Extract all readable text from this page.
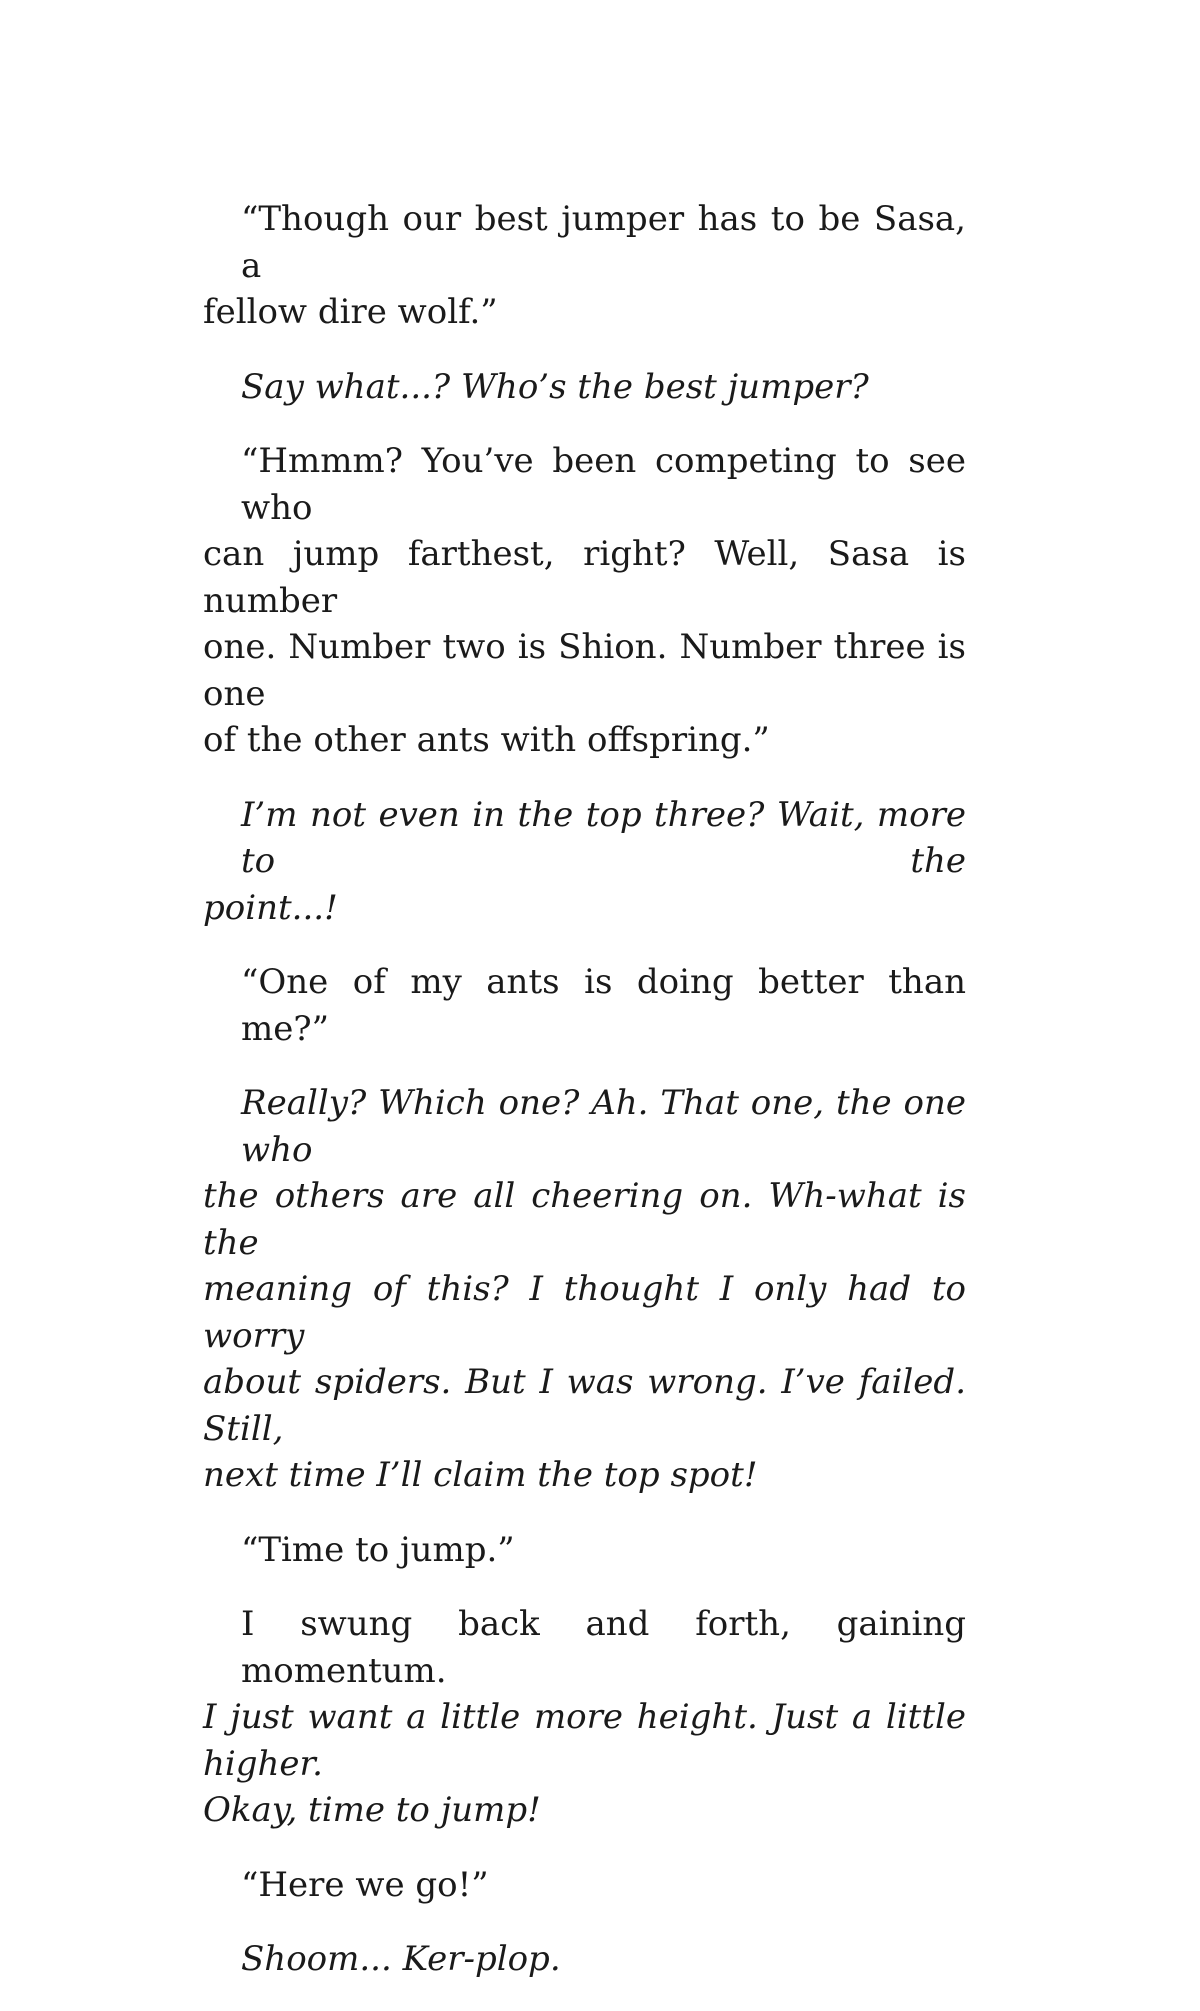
“Though our best jumper has to be Sasa, a
fellow dire wolf.”
Say what...? Who’s the best jumper?
“Hmmm? You’ve been competing to see who
can jump farthest, right? Well, Sasa is number
one. Number two is Shion. Number three is one
of the other ants with offspring.”
I’m not even in the top three? Wait, more to the
point...!
“One of my ants is doing better than me?”
Really? Which one? Ah. That one, the one who
the others are all cheering on. Wh-what is the
meaning of this? I thought I only had to worry
about spiders. But I was wrong. I’ve failed. Still,
next time I’ll claim the top spot!
“Time to jump.”
I swung back and forth, gaining momentum.
I just want a little more height. Just a little higher.
Okay, time to jump!
“Here we go!”
Shoom... Ker-plop.
